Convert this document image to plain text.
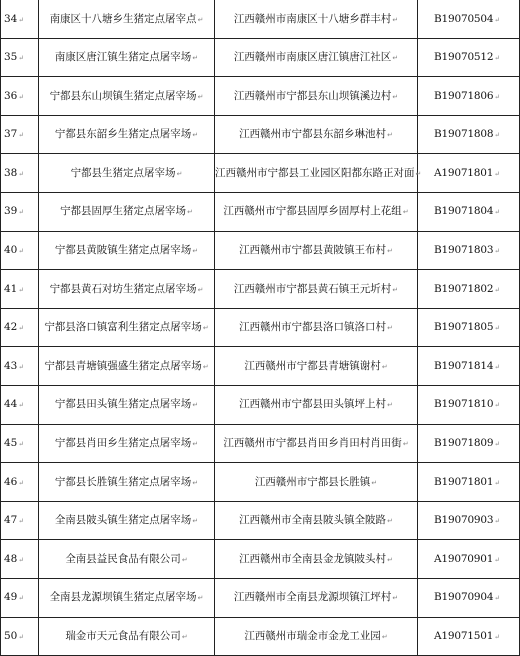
34↵	南康区十八塘乡生猪定点屠宰点↵	江西赣州市南康区十八塘乡群丰村↵	B19070504↵
35↵	南康区唐江镇生猪定点屠宰场↵	江西赣州市南康区唐江镇唐江社区↵	B19070512↵
36↵	宁都县东山坝镇生猪定点屠宰场↵	江西赣州市宁都县东山坝镇溪边村↵	B19071806↵
37↵	宁都县东韶乡生猪定点屠宰场↵	江西赣州市宁都县东韶乡琳池村↵	B19071808↵
38↵	宁都县生猪定点屠宰场↵	江西赣州市宁都县工业园区阳都东路正对面↵	A19071801↵
39↵	宁都县固厚生猪定点屠宰场↵	江西赣州市宁都县固厚乡固厚村上花组↵	B19071804↵
40↵	宁都县黄陂镇生猪定点屠宰场↵	江西赣州市宁都县黄陂镇王布村↵	B19071803↵
41↵	宁都县黄石对坊生猪定点屠宰场↵	江西赣州市宁都县黄石镇王元圻村↵	B19071802↵
42↵	宁都县洛口镇富利生猪定点屠宰场↵	江西赣州市宁都县洛口镇洛口村↵	B19071805↵
43↵	宁都县青塘镇强盛生猪定点屠宰场↵	江西赣州市宁都县青塘镇谢村↵	B19071814↵
44↵	宁都县田头镇生猪定点屠宰场↵	江西赣州市宁都县田头镇坪上村↵	B19071810↵
45↵	宁都县肖田乡生猪定点屠宰场↵	江西赣州市宁都县肖田乡肖田村肖田街↵	B19071809↵
46↵	宁都县长胜镇生猪定点屠宰场↵	江西赣州市宁都县长胜镇↵	B19071801↵
47↵	全南县陂头镇生猪定点屠宰场↵	江西赣州市全南县陂头镇全陂路↵	B19070903↵
48↵	全南县益民食品有限公司↵	江西赣州市全南县金龙镇陂头村↵	A19070901↵
49↵	全南县龙源坝镇生猪定点屠宰场↵	江西赣州市全南县龙源坝镇江坪村↵	B19070904↵
50↵	瑞金市天元食品有限公司↵	江西赣州市瑞金市金龙工业园↵	A19071501↵
